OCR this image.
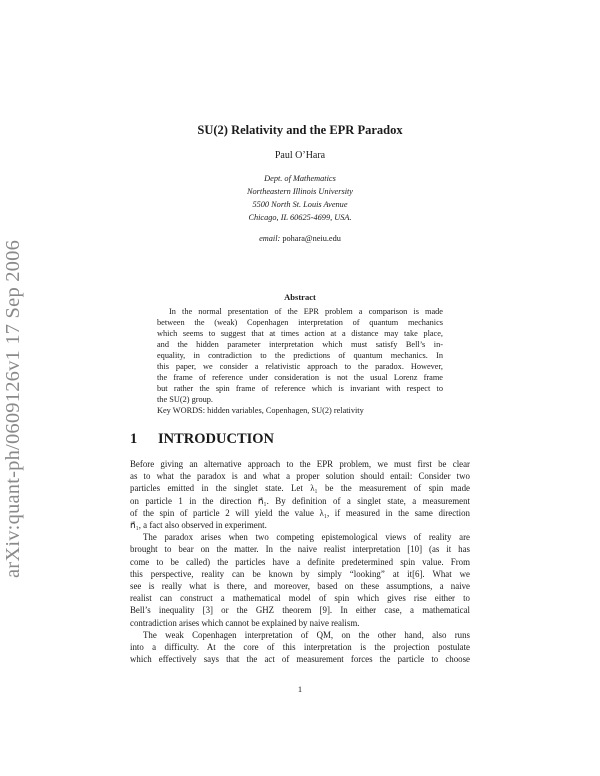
arXiv:quant-ph/0609126v1 17 Sep 2006
SU(2) Relativity and the EPR Paradox
Paul O’Hara
Dept. of Mathematics
Northeastern Illinois University
5500 North St. Louis Avenue
Chicago, IL 60625-4699, USA.
email: pohara@neiu.edu
Abstract
In the normal presentation of the EPR problem a comparison is made
between the (weak) Copenhagen interpretation of quantum mechanics
which seems to suggest that at times action at a distance may take place,
and the hidden parameter interpretation which must satisfy Bell’s in-
equality, in contradiction to the predictions of quantum mechanics. In
this paper, we consider a relativistic approach to the paradox. However,
the frame of reference under consideration is not the usual Lorenz frame
but rather the spin frame of reference which is invariant with respect to
the SU(2) group.
Key WORDS: hidden variables, Copenhagen, SU(2) relativity
1 INTRODUCTION
Before giving an alternative approach to the EPR problem, we must first be clear
as to what the paradox is and what a proper solution should entail: Consider two
particles emitted in the singlet state. Let λ₁ be the measurement of spin made
on particle 1 in the direction n⃗₁. By definition of a singlet state, a measurement
of the spin of particle 2 will yield the value λ₁, if measured in the same direction
n⃗₁, a fact also observed in experiment.
The paradox arises when two competing epistemological views of reality are
brought to bear on the matter. In the naive realist interpretation [10] (as it has
come to be called) the particles have a definite predetermined spin value. From
this perspective, reality can be known by simply “looking” at it[6]. What we
see is really what is there, and moreover, based on these assumptions, a naive
realist can construct a mathematical model of spin which gives rise either to
Bell’s inequality [3] or the GHZ theorem [9]. In either case, a mathematical
contradiction arises which cannot be explained by naive realism.
The weak Copenhagen interpretation of QM, on the other hand, also runs
into a difficulty. At the core of this interpretation is the projection postulate
which effectively says that the act of measurement forces the particle to choose
1
